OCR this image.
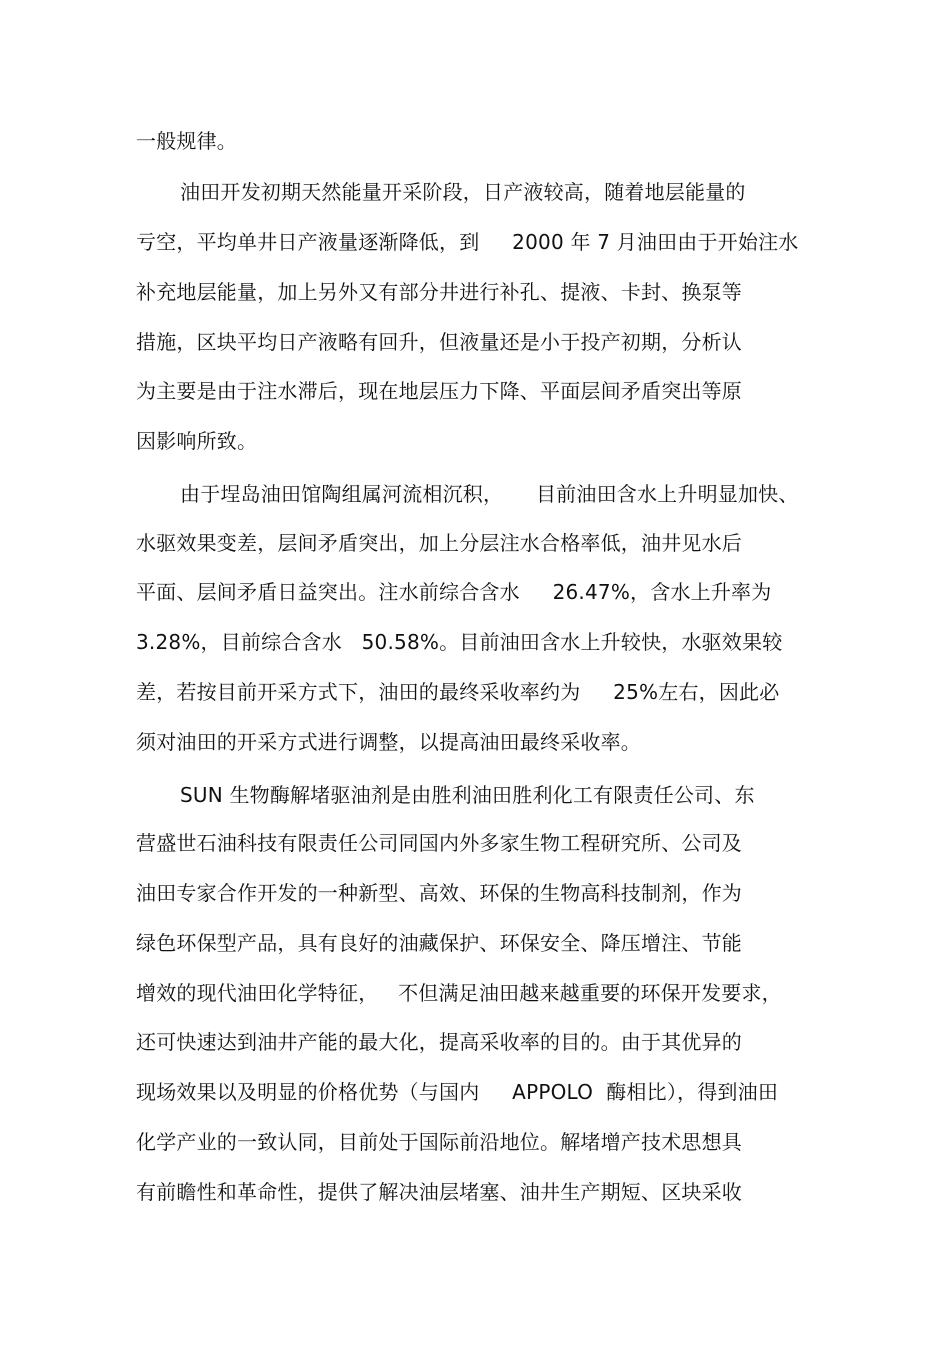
一般规律。
油田开发初期天然能量开采阶段，日产液较高，随着地层能量的
亏空，平均单井日产液量逐渐降低，到     2000 年 7 月油田由于开始注水
补充地层能量，加上另外又有部分井进行补孔、提液、卡封、换泵等
措施，区块平均日产液略有回升，但液量还是小于投产初期，分析认
为主要是由于注水滞后，现在地层压力下降、平面层间矛盾突出等原
因影响所致。
由于埕岛油田馆陶组属河流相沉积，     目前油田含水上升明显加快、
水驱效果变差，层间矛盾突出，加上分层注水合格率低，油井见水后
平面、层间矛盾日益突出。注水前综合含水     26.47%，含水上升率为
3.28%，目前综合含水   50.58%。目前油田含水上升较快，水驱效果较
差，若按目前开采方式下，油田的最终采收率约为     25%左右，因此必
须对油田的开采方式进行调整，以提高油田最终采收率。
SUN 生物酶解堵驱油剂是由胜利油田胜利化工有限责任公司、东
营盛世石油科技有限责任公司同国内外多家生物工程研究所、公司及
油田专家合作开发的一种新型、高效、环保的生物高科技制剂，作为
绿色环保型产品，具有良好的油藏保护、环保安全、降压增注、节能
增效的现代油田化学特征，   不但满足油田越来越重要的环保开发要求，
还可快速达到油井产能的最大化，提高采收率的目的。由于其优异的
现场效果以及明显的价格优势（与国内     APPOLO  酶相比），得到油田
化学产业的一致认同，目前处于国际前沿地位。解堵增产技术思想具
有前瞻性和革命性，提供了解决油层堵塞、油井生产期短、区块采收
